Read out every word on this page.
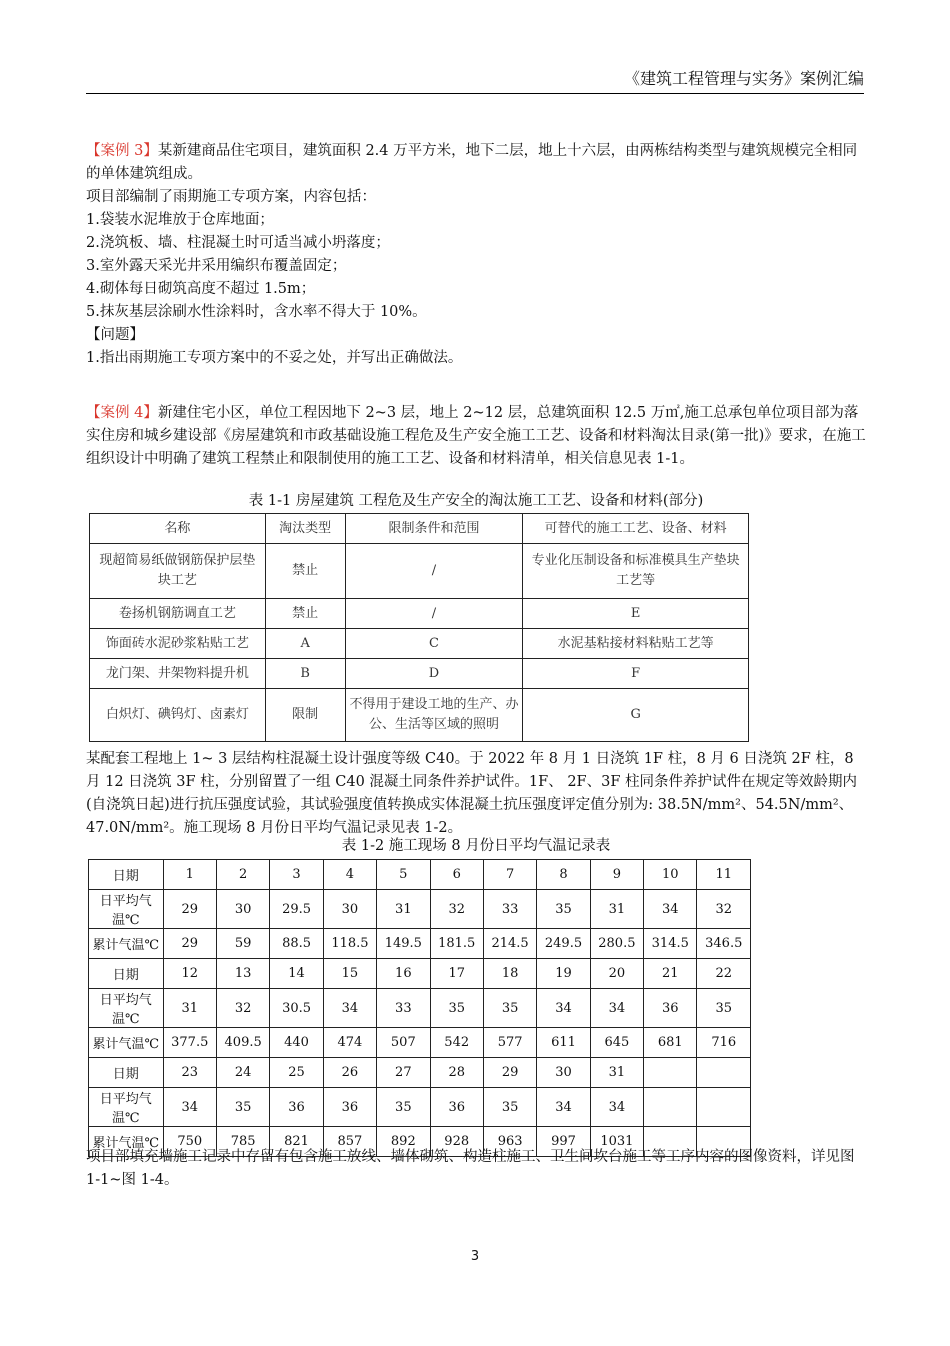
《建筑工程管理与实务》案例汇编

【案例 3】某新建商品住宅项目，建筑面积 2.4 万平方米，地下二层，地上十六层，由两栋结构类型与建筑规模完全相同的单体建筑组成。

项目部编制了雨期施工专项方案，内容包括：

1.袋装水泥堆放于仓库地面；

2.浇筑板、墙、柱混凝土时可适当减小坍落度；

3.室外露天采光井采用编织布覆盖固定；

4.砌体每日砌筑高度不超过 1.5m；

5.抹灰基层涂刷水性涂料时，含水率不得大于 10%。

【问题】

1.指出雨期施工专项方案中的不妥之处，并写出正确做法。

【案例 4】新建住宅小区，单位工程因地下 2~3 层，地上 2~12 层，总建筑面积 12.5 万㎡,施工总承包单位项目部为落实住房和城乡建设部《房屋建筑和市政基础设施工程危及生产安全施工工艺、设备和材料淘汰目录(第一批)》要求，在施工组织设计中明确了建筑工程禁止和限制使用的施工工艺、设备和材料清单，相关信息见表 1-1。

表 1-1 房屋建筑 工程危及生产安全的淘汰施工工艺、设备和材料(部分)
名称	淘汰类型	限制条件和范围	可替代的施工工艺、设备、材料
现超简易纸做钢筋保护层垫块工艺	禁止	/	专业化压制设备和标准模具生产垫块工艺等
卷扬机钢筋调直工艺	禁止	/	E
饰面砖水泥砂浆粘贴工艺	A	C	水泥基粘接材料粘贴工艺等
龙门架、井架物料提升机	B	D	F
白炽灯、碘钨灯、卤素灯	限制	不得用于建设工地的生产、办公、生活等区域的照明	G

某配套工程地上 1~ 3 层结构柱混凝土设计强度等级 C40。于 2022 年 8 月 1 日浇筑 1F 柱，8 月 6 日浇筑 2F 柱，8 月 12 日浇筑 3F 柱，分别留置了一组 C40 混凝土同条件养护试件。1F、 2F、3F 柱同条件养护试件在规定等效龄期内(自浇筑日起)进行抗压强度试验，其试验强度值转换成实体混凝土抗压强度评定值分别为: 38.5N/mm²、54.5N/mm²、47.0N/mm²。施工现场 8 月份日平均气温记录见表 1-2。

表 1-2 施工现场 8 月份日平均气温记录表
日期	1	2	3	4	5	6	7	8	9	10	11
日平均气温℃	29	30	29.5	30	31	32	33	35	31	34	32
累计气温℃	29	59	88.5	118.5	149.5	181.5	214.5	249.5	280.5	314.5	346.5
日期	12	13	14	15	16	17	18	19	20	21	22
日平均气温℃	31	32	30.5	34	33	35	35	34	34	36	35
累计气温℃	377.5	409.5	440	474	507	542	577	611	645	681	716
日期	23	24	25	26	27	28	29	30	31		
日平均气温℃	34	35	36	36	35	36	35	34	34		
累计气温℃	750	785	821	857	892	928	963	997	1031		

项目部填充墙施工记录中存留有包含施工放线、墙体砌筑、构造柱施工、卫生间坎台施工等工序内容的图像资料，详见图 1-1~图 1-4。

3
